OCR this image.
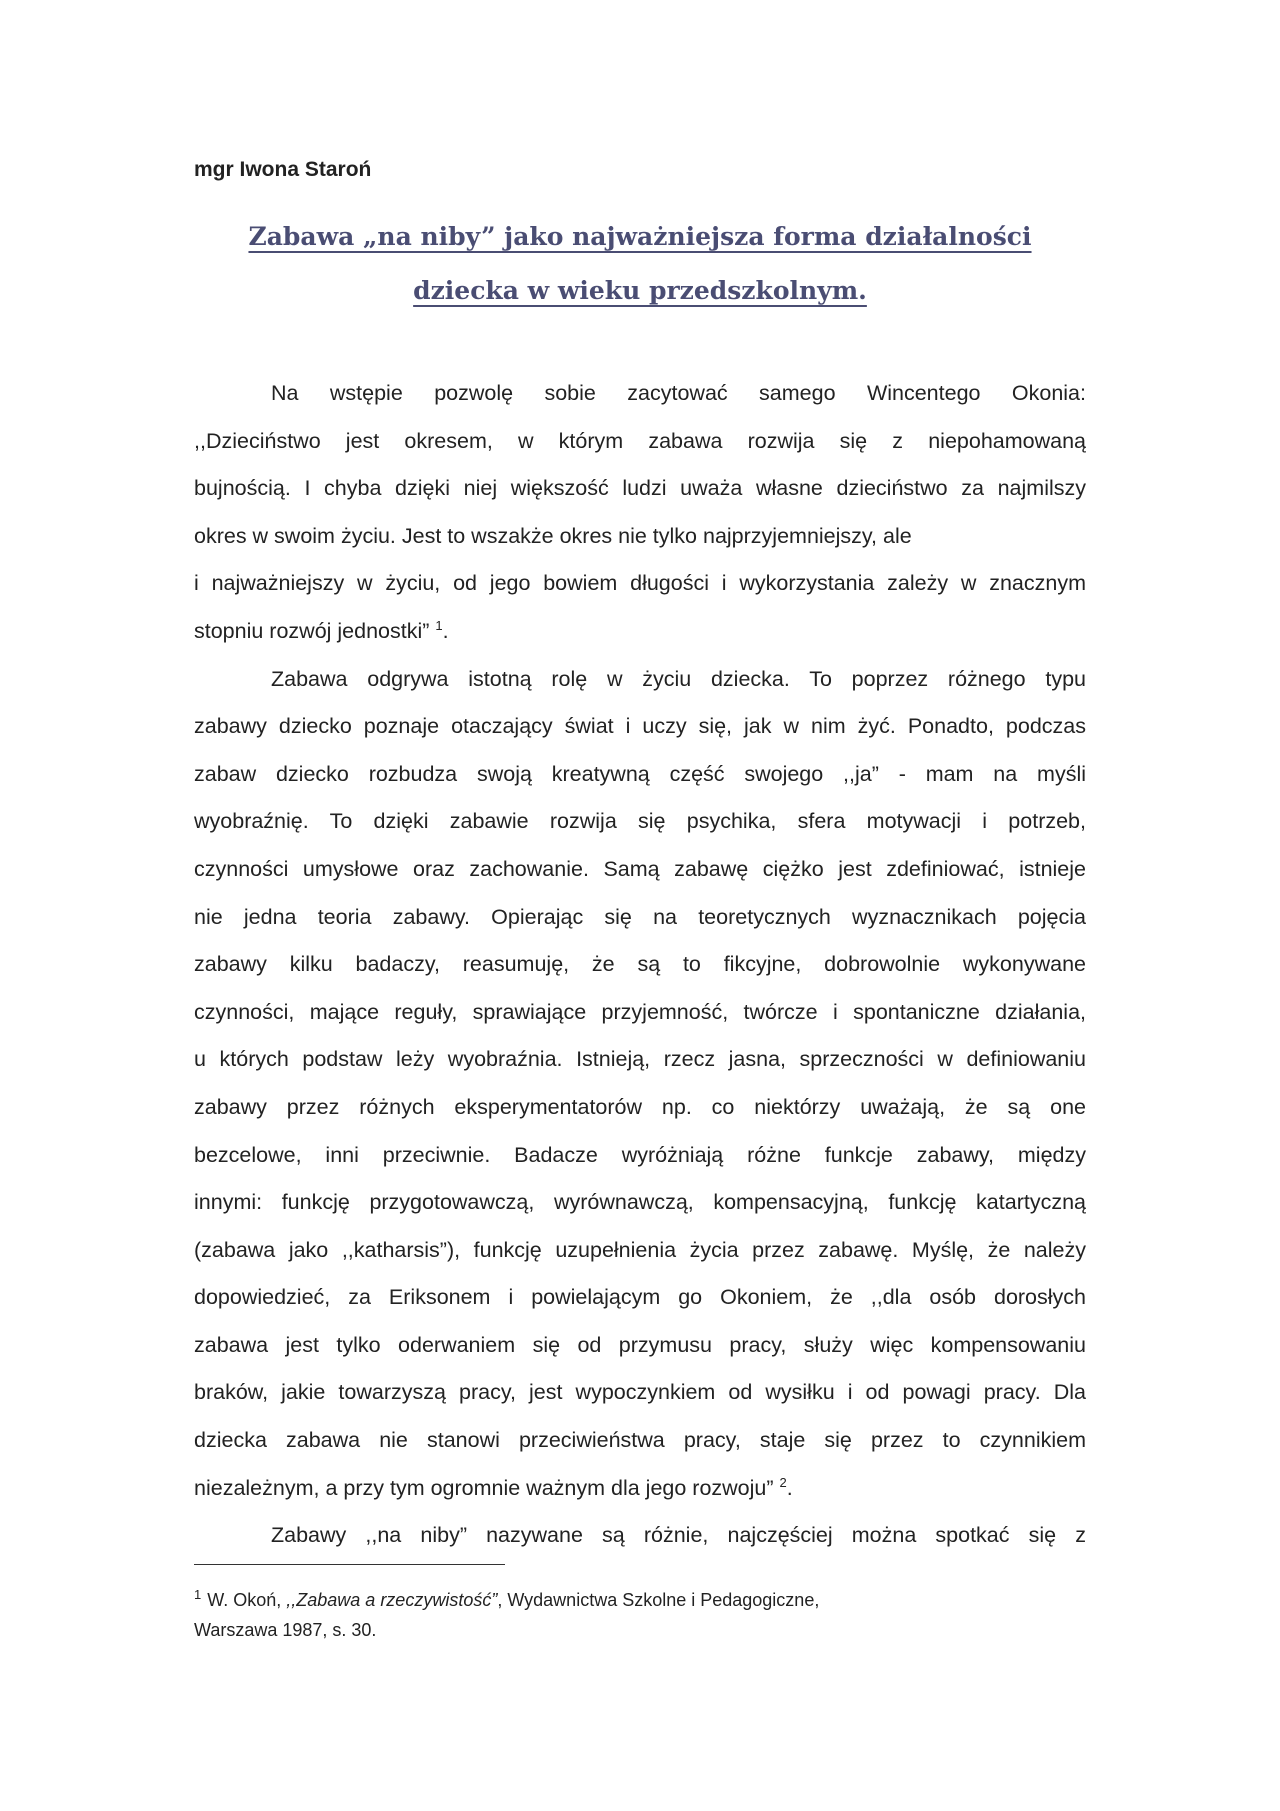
mgr Iwona Staroń
Zabawa „na niby” jako najważniejsza forma działalności
dziecka w wieku przedszkolnym.
Na wstępie pozwolę sobie zacytować samego Wincentego Okonia:
,,Dzieciństwo jest okresem, w którym zabawa rozwija się z niepohamowaną
bujnością. I chyba dzięki niej większość ludzi uważa własne dzieciństwo za najmilszy
okres w swoim życiu. Jest to wszakże okres nie tylko najprzyjemniejszy, ale
i najważniejszy w życiu, od jego bowiem długości i wykorzystania zależy w znacznym
stopniu rozwój jednostki” $^1$.
Zabawa odgrywa istotną rolę w życiu dziecka. To poprzez różnego typu
zabawy dziecko poznaje otaczający świat i uczy się, jak w nim żyć. Ponadto, podczas
zabaw dziecko rozbudza swoją kreatywną część swojego ,,ja” - mam na myśli
wyobraźnię. To dzięki zabawie rozwija się psychika, sfera motywacji i potrzeb,
czynności umysłowe oraz zachowanie. Samą zabawę ciężko jest zdefiniować, istnieje
nie jedna teoria zabawy. Opierając się na teoretycznych wyznacznikach pojęcia
zabawy kilku badaczy, reasumuję, że są to fikcyjne, dobrowolnie wykonywane
czynności, mające reguły, sprawiające przyjemność, twórcze i spontaniczne działania,
u których podstaw leży wyobraźnia. Istnieją, rzecz jasna, sprzeczności w definiowaniu
zabawy przez różnych eksperymentatorów np. co niektórzy uważają, że są one
bezcelowe, inni przeciwnie. Badacze wyróżniają różne funkcje zabawy, między
innymi: funkcję przygotowawczą, wyrównawczą, kompensacyjną, funkcję katartyczną
(zabawa jako ,,katharsis”), funkcję uzupełnienia życia przez zabawę. Myślę, że należy
dopowiedzieć, za Eriksonem i powielającym go Okoniem, że ,,dla osób dorosłych
zabawa jest tylko oderwaniem się od przymusu pracy, służy więc kompensowaniu
braków, jakie towarzyszą pracy, jest wypoczynkiem od wysiłku i od powagi pracy. Dla
dziecka zabawa nie stanowi przeciwieństwa pracy, staje się przez to czynnikiem
niezależnym, a przy tym ogromnie ważnym dla jego rozwoju” $^2$.
Zabawy ,,na niby” nazywane są różnie, najczęściej można spotkać się z
$^1$ W. Okoń, ,,Zabawa a rzeczywistość”, Wydawnictwa Szkolne i Pedagogiczne,
Warszawa 1987, s. 30.
